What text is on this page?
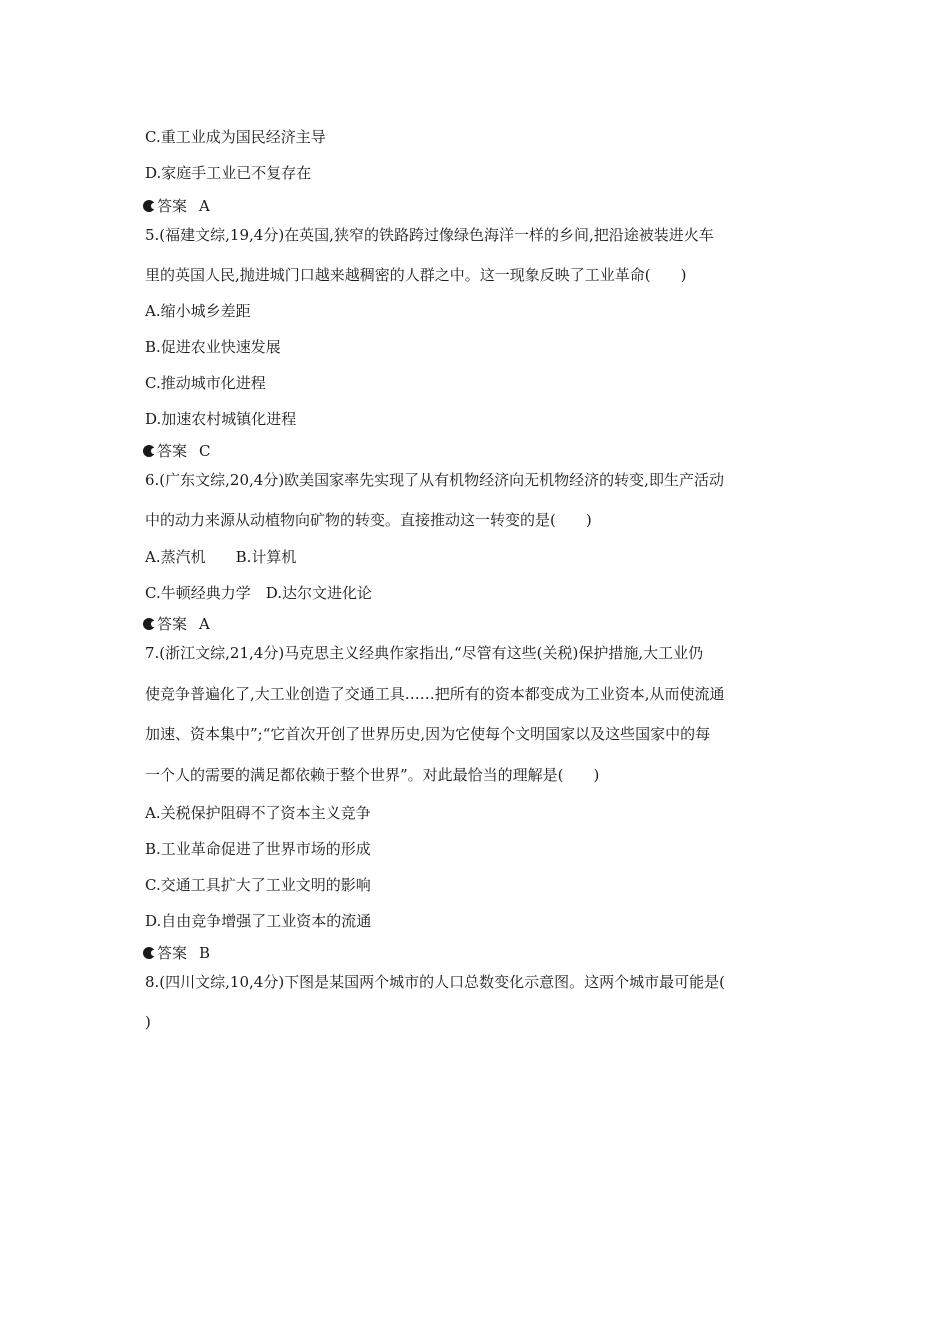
C.重工业成为国民经济主导
D.家庭手工业已不复存在
答案 A
5.(福建文综,19,4分)在英国,狭窄的铁路跨过像绿色海洋一样的乡间,把沿途被装进火车
里的英国人民,抛进城门口越来越稠密的人群之中。这一现象反映了工业革命(　　)
A.缩小城乡差距
B.促进农业快速发展
C.推动城市化进程
D.加速农村城镇化进程
答案 C
6.(广东文综,20,4分)欧美国家率先实现了从有机物经济向无机物经济的转变,即生产活动
中的动力来源从动植物向矿物的转变。直接推动这一转变的是(　　)
A.蒸汽机　　B.计算机
C.牛顿经典力学　D.达尔文进化论
答案 A
7.(浙江文综,21,4分)马克思主义经典作家指出,“尽管有这些(关税)保护措施,大工业仍
使竞争普遍化了,大工业创造了交通工具……把所有的资本都变成为工业资本,从而使流通
加速、资本集中”;“它首次开创了世界历史,因为它使每个文明国家以及这些国家中的每
一个人的需要的满足都依赖于整个世界”。对此最恰当的理解是(　　)
A.关税保护阻碍不了资本主义竞争
B.工业革命促进了世界市场的形成
C.交通工具扩大了工业文明的影响
D.自由竞争增强了工业资本的流通
答案 B
8.(四川文综,10,4分)下图是某国两个城市的人口总数变化示意图。这两个城市最可能是(
)
